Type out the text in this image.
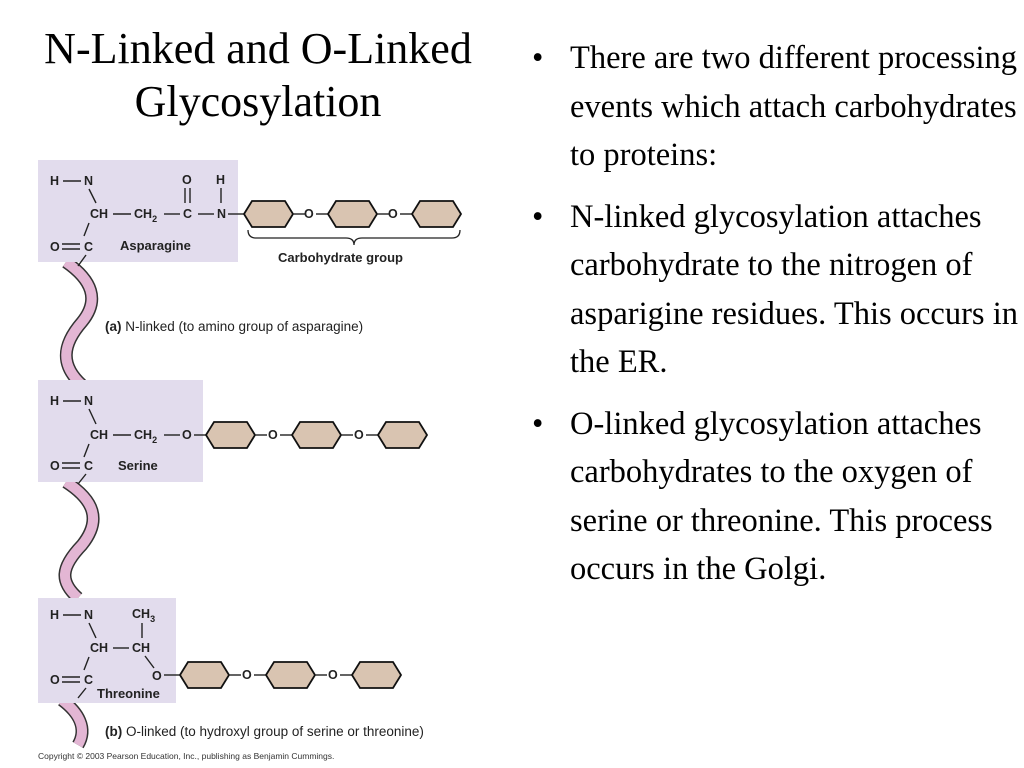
N-Linked and O-Linked Glycosylation
• There are two different processing events which attach carbohydrates to proteins:
• N-linked glycosylation attaches carbohydrate to the nitrogen of asparigine residues. This occurs in the ER.
• O-linked glycosylation attaches carbohydrates to the oxygen of serine or threonine. This process occurs in the Golgi.
H N
CH $CH_2$ C N
O H
O C Asparagine
O	O
Carbohydrate group
(a) N-linked (to amino group of asparagine)
H N
CH $CH_2$ O
O C Serine
O	O
H N	$CH_3$
CH CH
O
O C
Threonine
O	O
(b) O-linked (to hydroxyl group of serine or threonine)
Copyright © 2003 Pearson Education, Inc., publishing as Benjamin Cummings.
